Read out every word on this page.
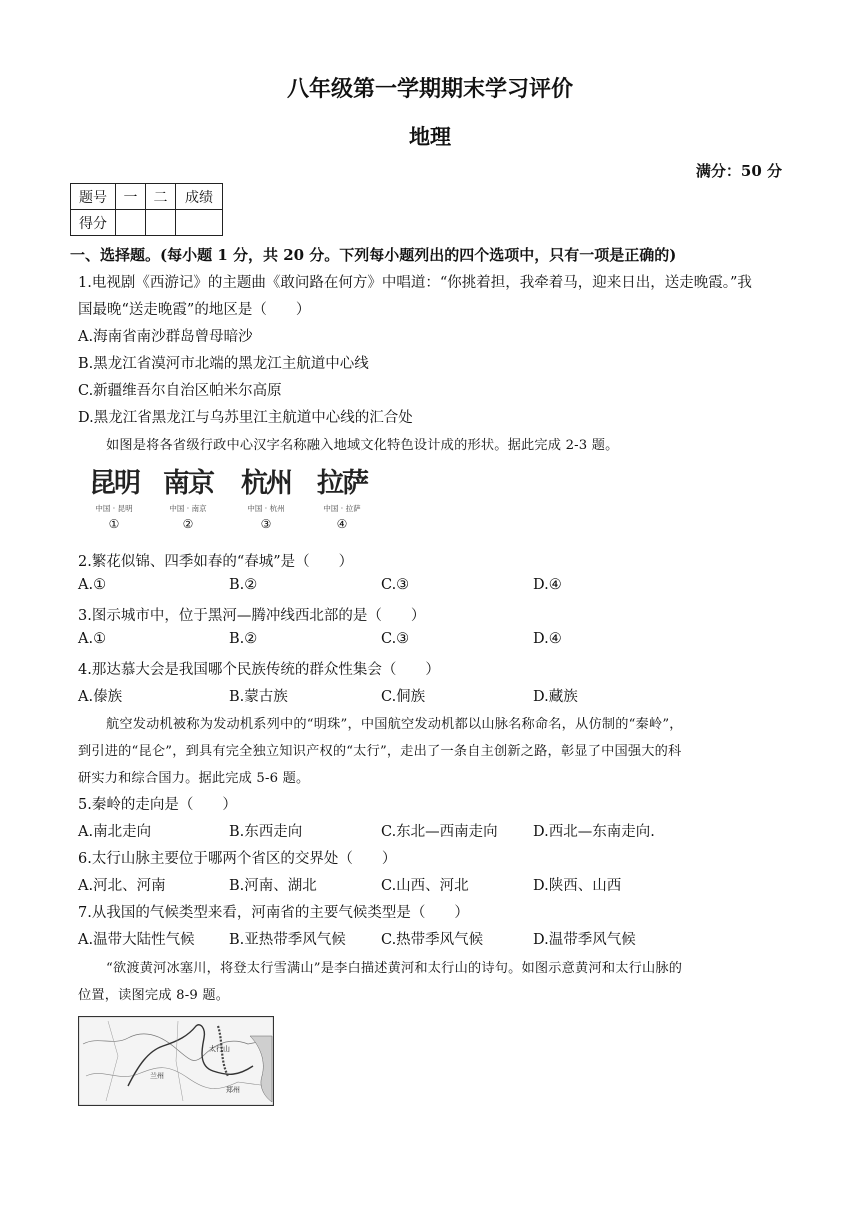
八年级第一学期期末学习评价
地理
满分：50 分
题号	一	二	成绩
得分			
一、选择题。(每小题 1 分，共 20 分。下列每小题列出的四个选项中，只有一项是正确的)
1.电视剧《西游记》的主题曲《敢问路在何方》中唱道：“你挑着担，我牵着马，迎来日出，送走晚霞。”我
国最晚“送走晚霞”的地区是（　　）
A.海南省南沙群岛曾母暗沙
B.黑龙江省漠河市北端的黑龙江主航道中心线
C.新疆维吾尔自治区帕米尔高原
D.黑龙江省黑龙江与乌苏里江主航道中心线的汇合处
如图是将各省级行政中心汉字名称融入地域文化特色设计成的形状。据此完成 2-3 题。
昆明
中国 · 昆明
①
南京
中国 · 南京
②
杭州
中国 · 杭州
③
拉萨
中国 · 拉萨
④
2.繁花似锦、四季如春的“春城”是（　　）
A.①	B.②	C.③	D.④
3.图示城市中，位于黑河—腾冲线西北部的是（　　）
A.①	B.②	C.③	D.④
4.那达慕大会是我国哪个民族传统的群众性集会（　　）
A.傣族	B.蒙古族	C.侗族	D.藏族
航空发动机被称为发动机系列中的“明珠”，中国航空发动机都以山脉名称命名，从仿制的“秦岭”，
到引进的“昆仑”，到具有完全独立知识产权的“太行”，走出了一条自主创新之路，彰显了中国强大的科
研实力和综合国力。据此完成 5-6 题。
5.秦岭的走向是（　　）
A.南北走向	B.东西走向	C.东北—西南走向 D.西北—东南走向.
6.太行山脉主要位于哪两个省区的交界处（　　）
A.河北、河南	B.河南、湖北	C.山西、河北	D.陕西、山西
7.从我国的气候类型来看，河南省的主要气候类型是（　　）
A.温带大陆性气候 B.亚热带季风气候 C.热带季风气候	D.温带季风气候
“欲渡黄河冰塞川，将登太行雪满山”是李白描述黄河和太行山的诗句。如图示意黄河和太行山脉的
位置，读图完成 8-9 题。
太行山
兰州
郑州
